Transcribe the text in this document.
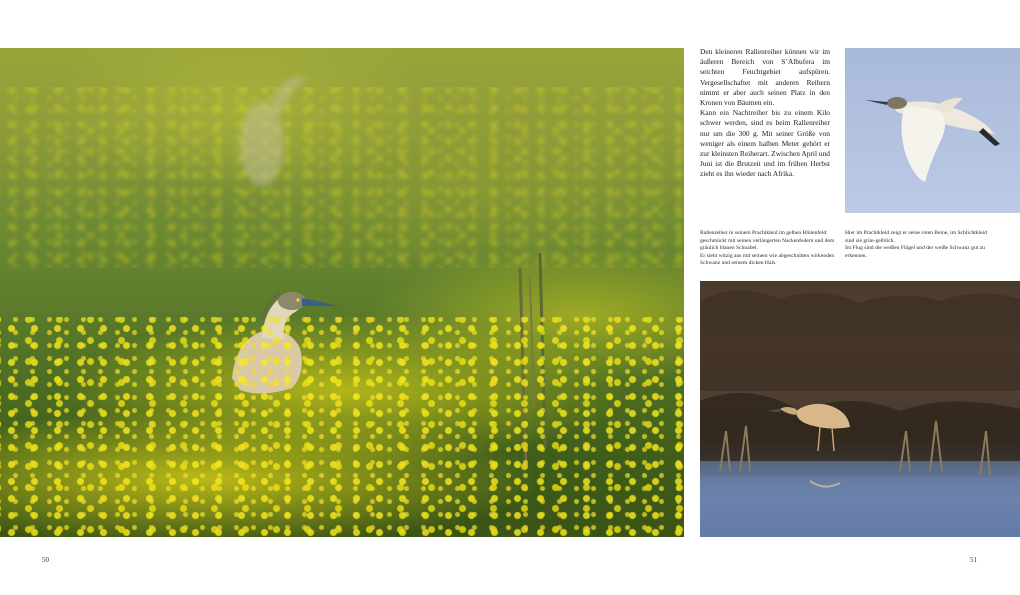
Den kleineren Rallenreiher können wir im äußeren Bereich von S’Albufera im seichten Feuchtgebiet aufspüren. Vergesellschaftet mit anderen Reihern nimmt er aber auch seinen Platz in den Kronen von Bäumen ein.

Kann ein Nachtreiher bis zu einem Kilo schwer werden, sind es beim Rallenreiher nur um die 300 g. Mit seiner Größe von weniger als einem halben Meter gehört er zur kleinsten Reiherart. Zwischen April und Juni ist die Brutzeit und im frühen Herbst zieht es ihn wieder nach Afrika.

Rallenreiher in seinem Prachtkleid im gelben Blütenfeld: geschmückt mit seinen verlängerten Nackenfedern und dem gräulich blauen Schnabel.

Er sieht witzig aus mit seinem wie abgeschnitten wirkenden Schwanz und seinem dicken Hals.

Hier im Prachtkleid zeigt er seine roten Beine, im Schlichtkleid sind sie grün-gelblich.

Im Flug sind die weißen Flügel und der weiße Schwanz gut zu erkennen.

50	51
